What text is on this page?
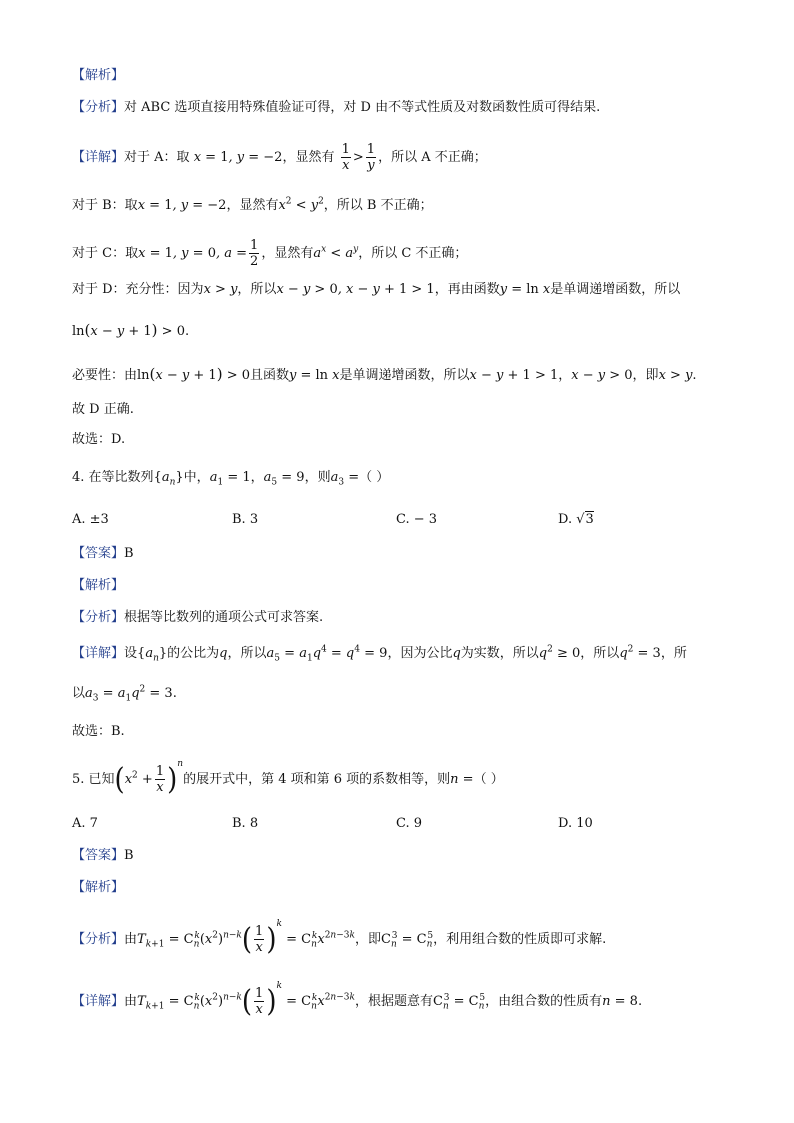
【解析】
【分析】对 ABC 选项直接用特殊值验证可得，对 D 由不等式性质及对数函数性质可得结果.
【详解】对于 A：取 x = 1, y = −2，显然有 $\frac{1}{x} > \frac{1}{y}$ ，所以 A 不正确；
对于 B：取x = 1, y = −2，显然有$x^2 < y^2$，所以 B 不正确；
对于 C：取x = 1, y = 0, $a = \frac{1}{2}$ ，显然有$a^x < a^y$，所以 C 不正确；
对于 D：充分性：因为x > y，所以x − y > 0, x − y + 1 > 1，再由函数y = ln x是单调递增函数，所以
ln(x − y + 1) > 0.
必要性：由ln(x − y + 1) > 0且函数y = ln x是单调递增函数，所以x − y + 1 > 1，x − y > 0，即x > y.
故 D 正确.
故选：D.
4. 在等比数列$\{a_n\}$中，$a_1 = 1$，$a_5 = 9$，则$a_3$ =（ ）
A. ±3	B. 3	C. − 3	D. √3
【答案】B
【解析】
【分析】根据等比数列的通项公式可求答案.
【详解】设$\{a_n\}$的公比为q，所以$a_5 = a_1q^4 = q^4 = 9$，因为公比q为实数，所以$q^2 \ge 0$，所以$q^2 = 3$，所
以$a_3 = a_1q^2 = 3$.
故选：B.
5. 已知$(x^2 + \frac{1}{x} )^n$的展开式中，第 4 项和第 6 项的系数相等，则n =（ ）
A. 7	B. 8	C. 9	D. 10
【答案】B
【解析】
【分析】由$T_{k+1} = C_n^k(x^2)^{n-k}( \frac{1}{x} )^k = C_n^kx^{2n-3k}$，即$C_n^3 = C_n^5$，利用组合数的性质即可求解.
【详解】由$T_{k+1} = C_n^k(x^2)^{n-k}( \frac{1}{x} )^k = C_n^kx^{2n-3k}$，根据题意有$C_n^3 = C_n^5$，由组合数的性质有n = 8.
